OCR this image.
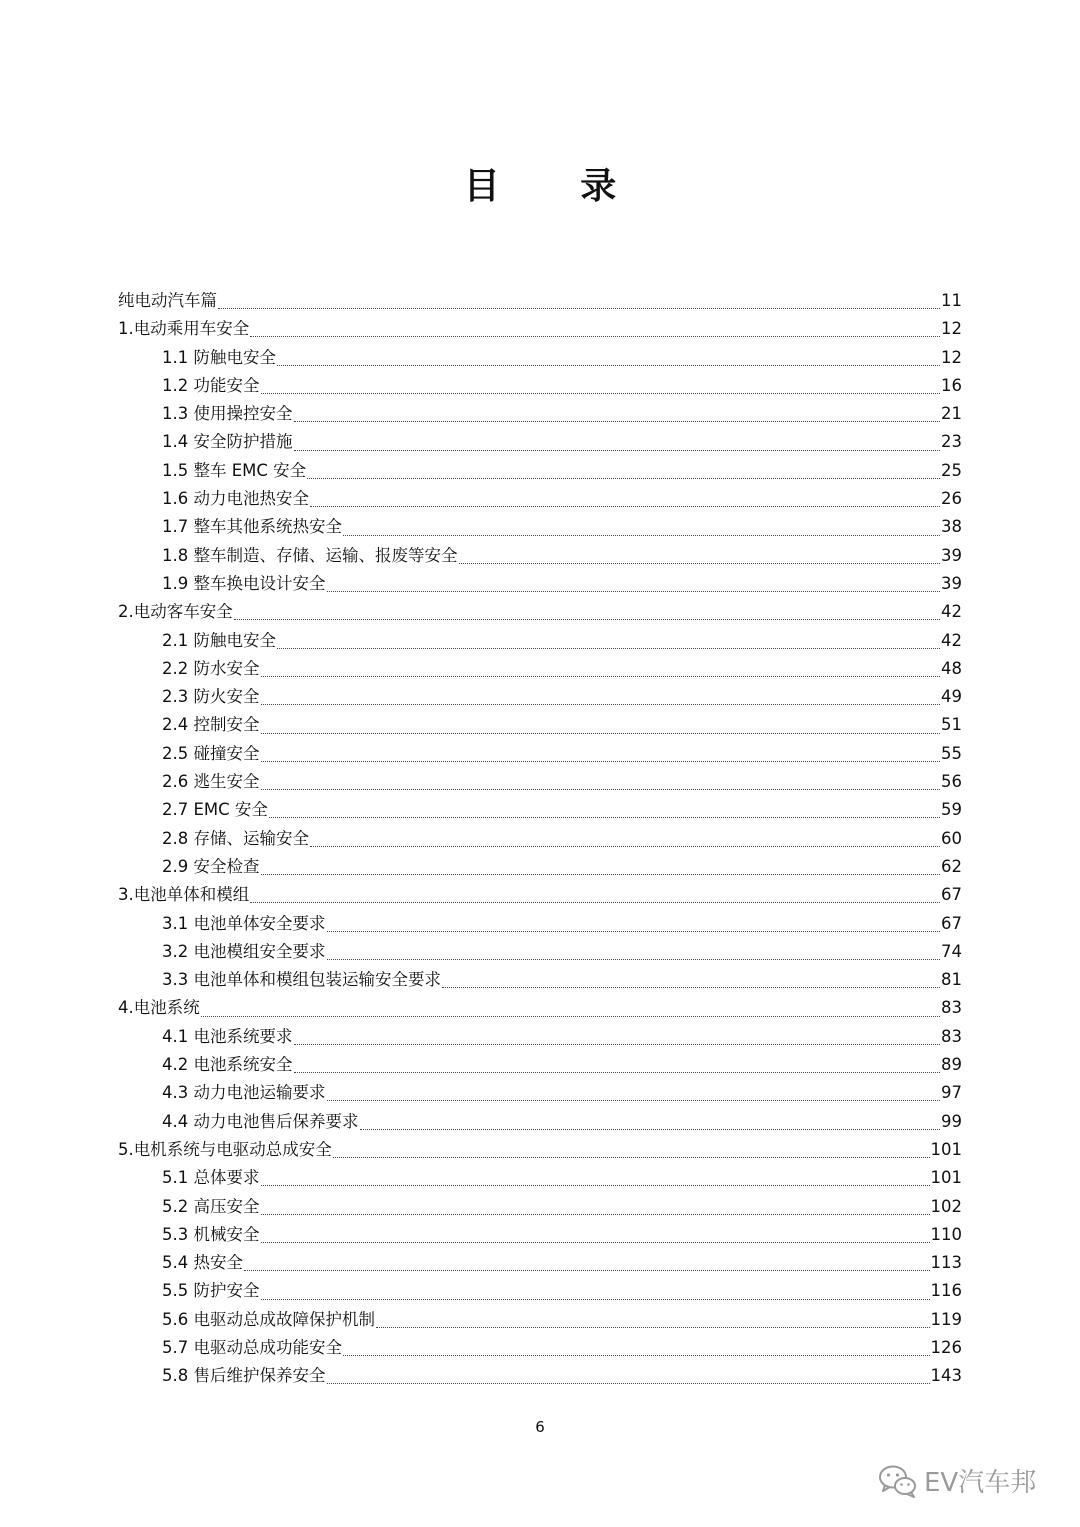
目 录
纯电动汽车篇	11
1.电动乘用车安全	12
1.1 防触电安全	12
1.2 功能安全	16
1.3 使用操控安全	21
1.4 安全防护措施	23
1.5 整车 EMC 安全	25
1.6 动力电池热安全	26
1.7 整车其他系统热安全	38
1.8 整车制造、存储、运输、报废等安全	39
1.9 整车换电设计安全	39
2.电动客车安全	42
2.1 防触电安全	42
2.2 防水安全	48
2.3 防火安全	49
2.4 控制安全	51
2.5 碰撞安全	55
2.6 逃生安全	56
2.7 EMC 安全	59
2.8 存储、运输安全	60
2.9 安全检查	62
3.电池单体和模组	67
3.1 电池单体安全要求	67
3.2 电池模组安全要求	74
3.3 电池单体和模组包装运输安全要求	81
4.电池系统	83
4.1 电池系统要求	83
4.2 电池系统安全	89
4.3 动力电池运输要求	97
4.4 动力电池售后保养要求	99
5.电机系统与电驱动总成安全	101
5.1 总体要求	101
5.2 高压安全	102
5.3 机械安全	110
5.4 热安全	113
5.5 防护安全	116
5.6 电驱动总成故障保护机制	119
5.7 电驱动总成功能安全	126
5.8 售后维护保养安全	143
6
EV汽车邦
